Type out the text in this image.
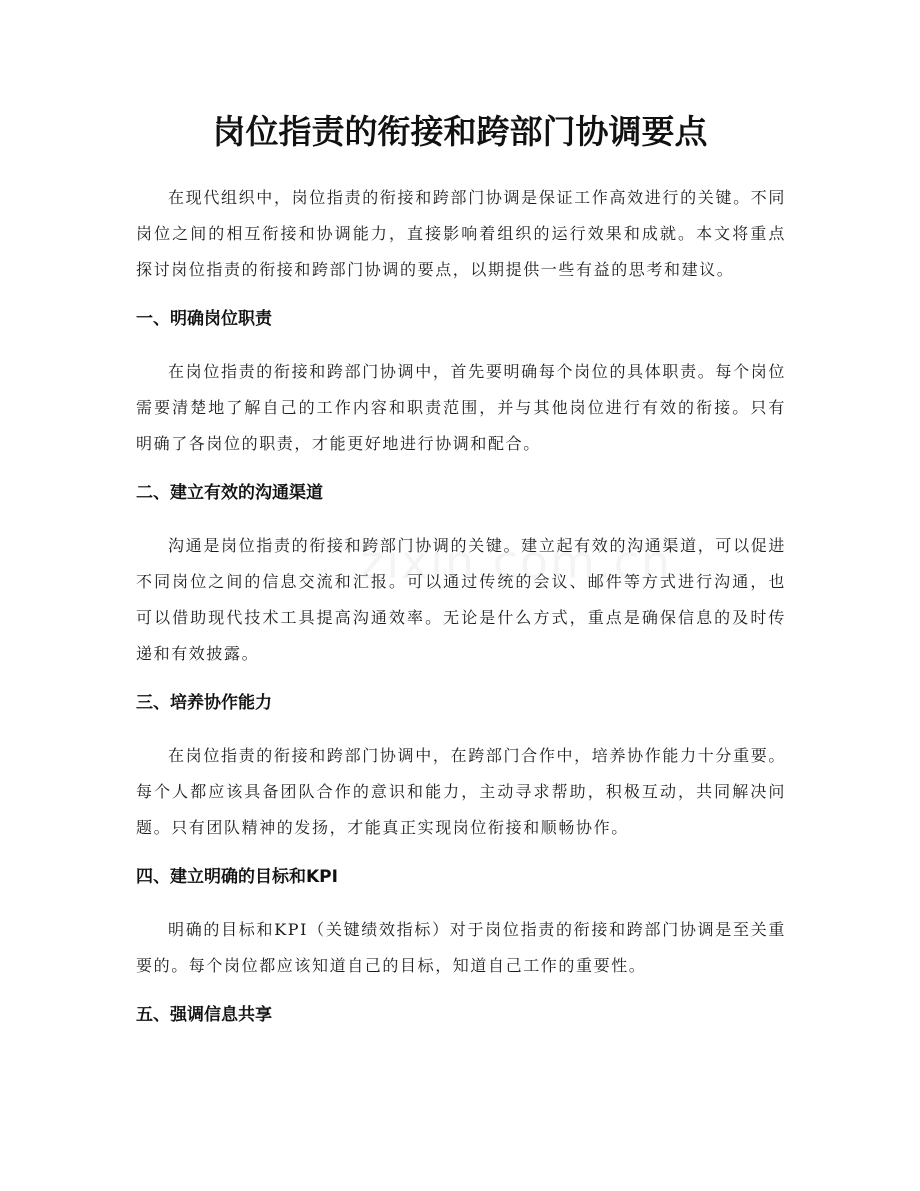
岗位指责的衔接和跨部门协调要点

在现代组织中，岗位指责的衔接和跨部门协调是保证工作高效进行的关键。不同岗位之间的相互衔接和协调能力，直接影响着组织的运行效果和成就。本文将重点探讨岗位指责的衔接和跨部门协调的要点，以期提供一些有益的思考和建议。

一、明确岗位职责

在岗位指责的衔接和跨部门协调中，首先要明确每个岗位的具体职责。每个岗位需要清楚地了解自己的工作内容和职责范围，并与其他岗位进行有效的衔接。只有明确了各岗位的职责，才能更好地进行协调和配合。

二、建立有效的沟通渠道

沟通是岗位指责的衔接和跨部门协调的关键。建立起有效的沟通渠道，可以促进不同岗位之间的信息交流和汇报。可以通过传统的会议、邮件等方式进行沟通，也可以借助现代技术工具提高沟通效率。无论是什么方式，重点是确保信息的及时传递和有效披露。

三、培养协作能力

在岗位指责的衔接和跨部门协调中，在跨部门合作中，培养协作能力十分重要。每个人都应该具备团队合作的意识和能力，主动寻求帮助，积极互动，共同解决问题。只有团队精神的发扬，才能真正实现岗位衔接和顺畅协作。

四、建立明确的目标和KPI

明确的目标和KPI（关键绩效指标）对于岗位指责的衔接和跨部门协调是至关重要的。每个岗位都应该知道自己的目标，知道自己工作的重要性。

五、强调信息共享
